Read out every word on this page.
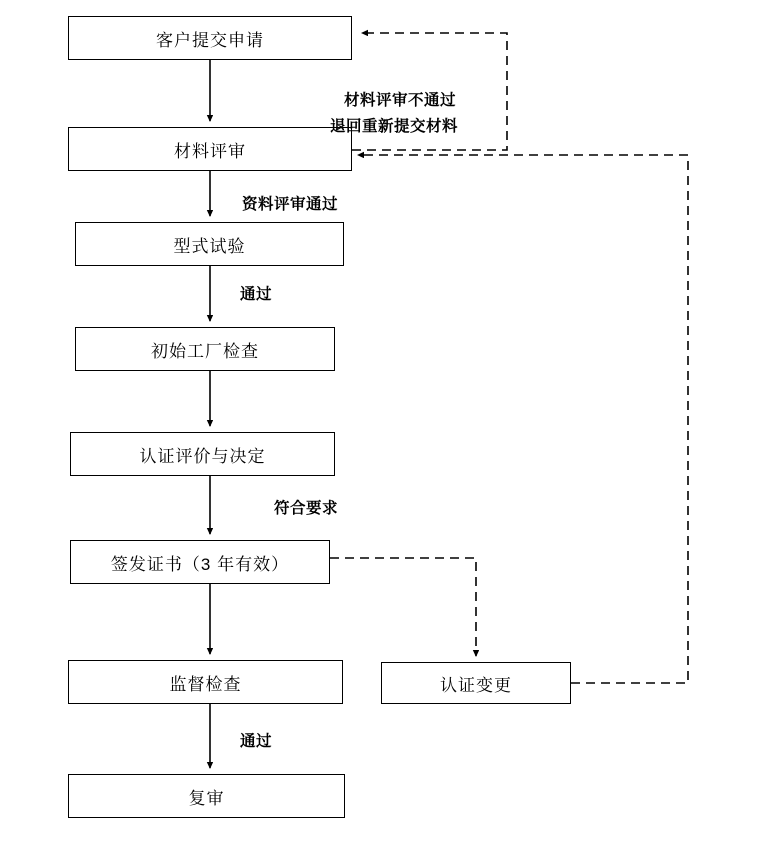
客户提交申请
材料评审
型式试验
初始工厂检查
认证评价与决定
签发证书（3 年有效）
监督检查	认证变更
复审
材料评审不通过
退回重新提交材料
资料评审通过
通过
符合要求
通过
